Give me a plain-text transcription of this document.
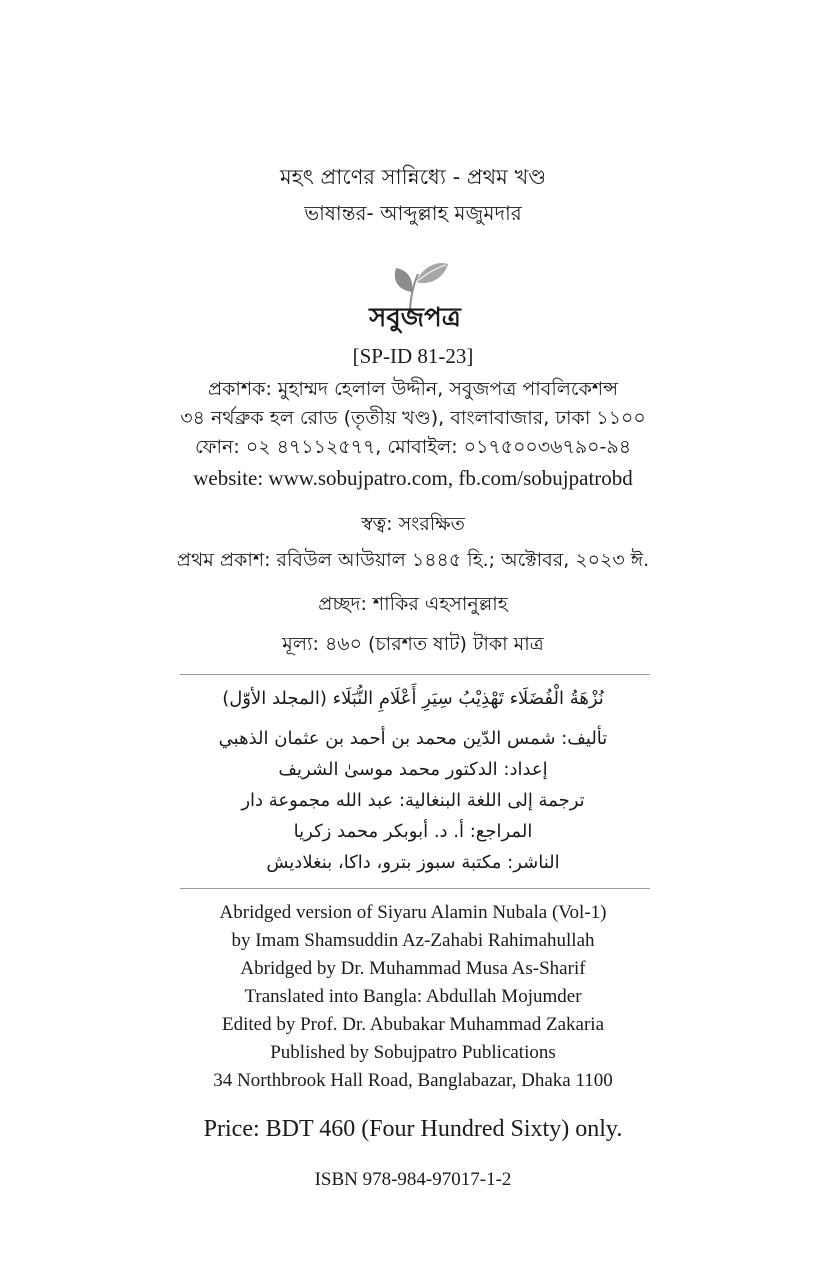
মহৎ প্রাণের সান্নিধ্যে - প্রথম খণ্ড
ভাষান্তর- আব্দুল্লাহ মজুমদার
সবুজপত্র
[SP-ID 81-23]
প্রকাশক: মুহাম্মদ হেলাল উদ্দীন, সবুজপত্র পাবলিকেশন্স
৩৪ নর্থব্রুক হল রোড (তৃতীয় খণ্ড), বাংলাবাজার, ঢাকা ১১০০
ফোন: ০২ ৪৭১১২৫৭৭, মোবাইল: ০১৭৫০০৩৬৭৯০-৯৪
website: www.sobujpatro.com, fb.com/sobujpatrobd
স্বত্ব: সংরক্ষিত
প্রথম প্রকাশ: রবিউল আউয়াল ১৪৪৫ হি.; অক্টোবর, ২০২৩ ঈ.
প্রচ্ছদ: শাকির এহসানুল্লাহ
মূল্য: ৪৬০ (চারশত ষাট) টাকা মাত্র
نُزْهَةُ الْفُضَلَاء تَهْذِيْبُ سِيَرِ أَعْلَامِ النُّبَلَاء (المجلد الأوّل)
تأليف: شمس الدّين محمد بن أحمد بن عثمان الذهبي
إعداد: الدكتور محمد موسىٰ الشريف
ترجمة إلى اللغة البنغالية: عبد الله مجموعة دار
المراجع: أ. د. أبوبكر محمد زكريا
الناشر: مكتبة سبوز بترو، داكا، بنغلاديش
Abridged version of Siyaru Alamin Nubala (Vol-1)
by Imam Shamsuddin Az-Zahabi Rahimahullah
Abridged by Dr. Muhammad Musa As-Sharif
Translated into Bangla: Abdullah Mojumder
Edited by Prof. Dr. Abubakar Muhammad Zakaria
Published by Sobujpatro Publications
34 Northbrook Hall Road, Banglabazar, Dhaka 1100
Price: BDT 460 (Four Hundred Sixty) only.
ISBN 978-984-97017-1-2
